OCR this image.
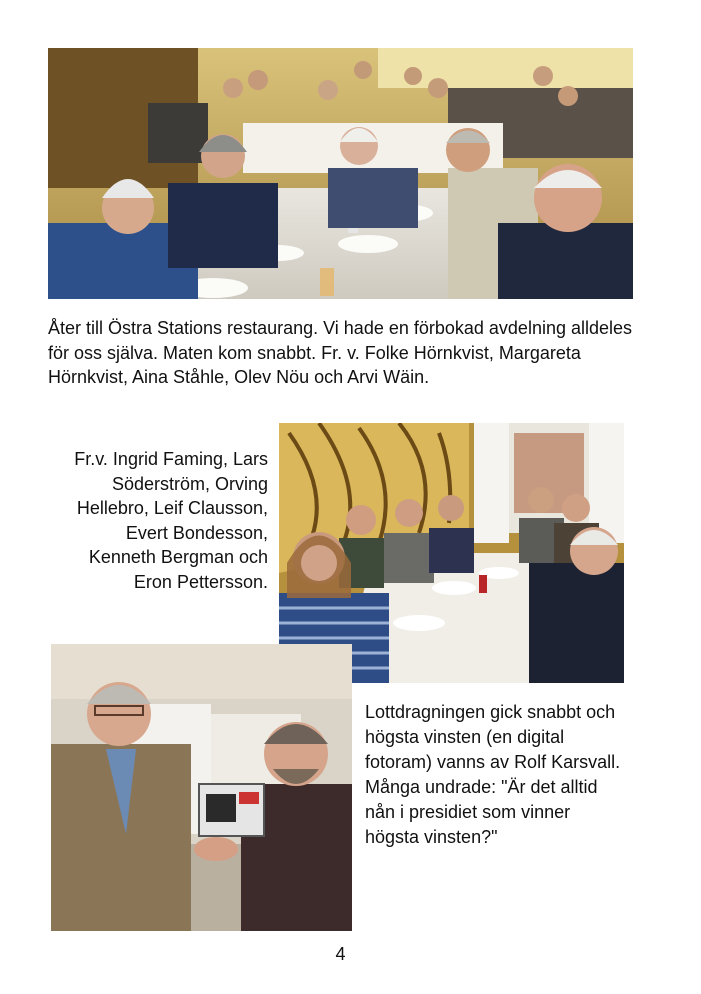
Åter till Östra Stations restaurang. Vi hade en förbokad avdelning alldeles för oss själva. Maten kom snabbt. Fr. v. Folke Hörnkvist, Margareta Hörnkvist, Aina Ståhle, Olev Nöu och Arvi Wäin.

Fr.v. Ingrid Faming, Lars
Söderström, Orving
Hellebro, Leif Clausson,
Evert Bondesson,
Kenneth Bergman och
Eron Pettersson.

Lottdragningen gick snabbt och högsta vinsten (en digital fotoram) vanns av Rolf Karsvall. Många undrade: "Är det alltid nån i presidiet som vinner högsta vinsten?"

4
